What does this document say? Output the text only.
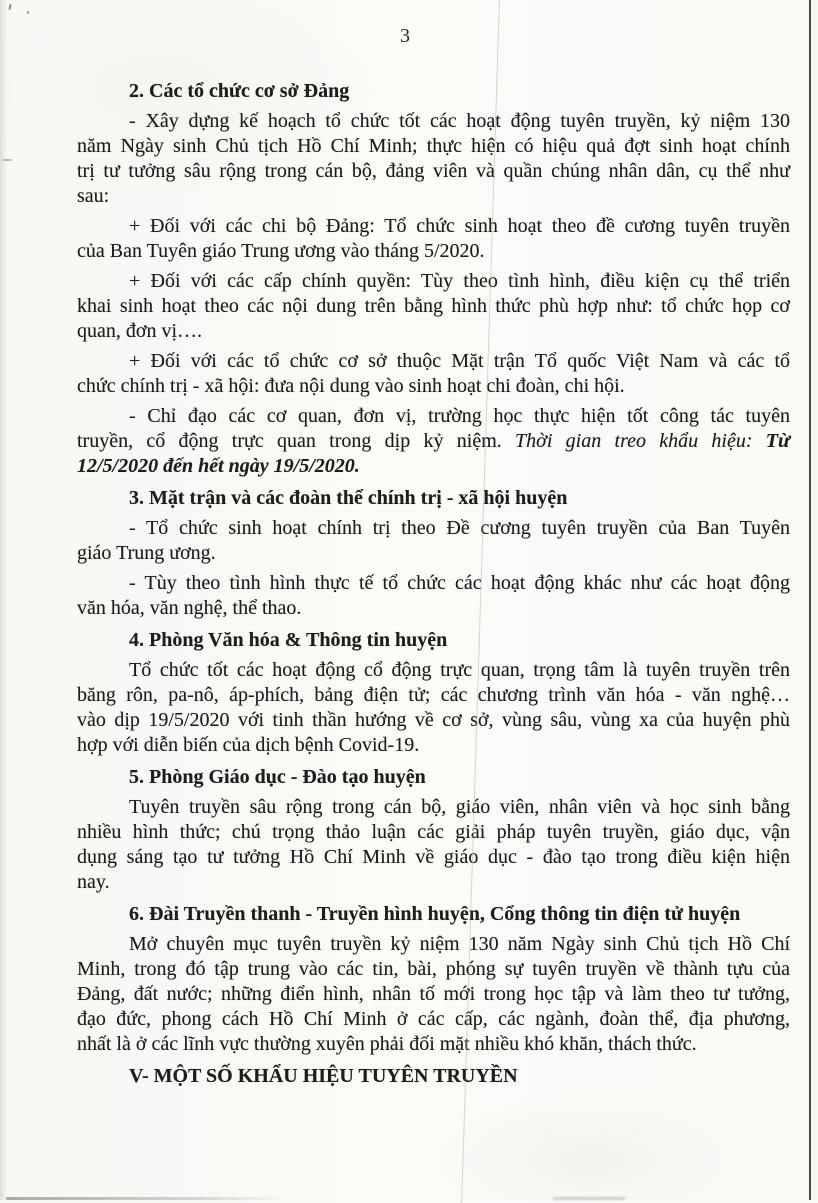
3

2. Các tổ chức cơ sở Đảng

- Xây dựng kế hoạch tổ chức tốt các hoạt động tuyên truyền, kỷ niệm 130
năm Ngày sinh Chủ tịch Hồ Chí Minh; thực hiện có hiệu quả đợt sinh hoạt chính
trị tư tưởng sâu rộng trong cán bộ, đảng viên và quần chúng nhân dân, cụ thể như
sau:

+ Đối với các chi bộ Đảng: Tổ chức sinh hoạt theo đề cương tuyên truyền
của Ban Tuyên giáo Trung ương vào tháng 5/2020.

+ Đối với các cấp chính quyền: Tùy theo tình hình, điều kiện cụ thể triển
khai sinh hoạt theo các nội dung trên bằng hình thức phù hợp như: tổ chức họp cơ
quan, đơn vị….

+ Đối với các tổ chức cơ sở thuộc Mặt trận Tổ quốc Việt Nam và các tổ
chức chính trị - xã hội: đưa nội dung vào sinh hoạt chi đoàn, chi hội.

- Chỉ đạo các cơ quan, đơn vị, trường học thực hiện tốt công tác tuyên
truyền, cổ động trực quan trong dịp kỷ niệm. Thời gian treo khẩu hiệu: Từ
12/5/2020 đến hết ngày 19/5/2020.

3. Mặt trận và các đoàn thể chính trị - xã hội huyện

- Tổ chức sinh hoạt chính trị theo Đề cương tuyên truyền của Ban Tuyên
giáo Trung ương.

- Tùy theo tình hình thực tế tổ chức các hoạt động khác như các hoạt động
văn hóa, văn nghệ, thể thao.

4. Phòng Văn hóa & Thông tin huyện

Tổ chức tốt các hoạt động cổ động trực quan, trọng tâm là tuyên truyền trên
băng rôn, pa-nô, áp-phích, bảng điện tử; các chương trình văn hóa - văn nghệ…
vào dịp 19/5/2020 với tinh thần hướng về cơ sở, vùng sâu, vùng xa của huyện phù
hợp với diễn biến của dịch bệnh Covid-19.

5. Phòng Giáo dục - Đào tạo huyện

Tuyên truyền sâu rộng trong cán bộ, giáo viên, nhân viên và học sinh bằng
nhiều hình thức; chú trọng thảo luận các giải pháp tuyên truyền, giáo dục, vận
dụng sáng tạo tư tưởng Hồ Chí Minh về giáo dục - đào tạo trong điều kiện hiện
nay.

6. Đài Truyền thanh - Truyền hình huyện, Cổng thông tin điện tử huyện

Mở chuyên mục tuyên truyền kỷ niệm 130 năm Ngày sinh Chủ tịch Hồ Chí
Minh, trong đó tập trung vào các tin, bài, phóng sự tuyên truyền về thành tựu của
Đảng, đất nước; những điển hình, nhân tố mới trong học tập và làm theo tư tưởng,
đạo đức, phong cách Hồ Chí Minh ở các cấp, các ngành, đoàn thể, địa phương,
nhất là ở các lĩnh vực thường xuyên phải đối mặt nhiều khó khăn, thách thức.

V- MỘT SỐ KHẨU HIỆU TUYÊN TRUYỀN
